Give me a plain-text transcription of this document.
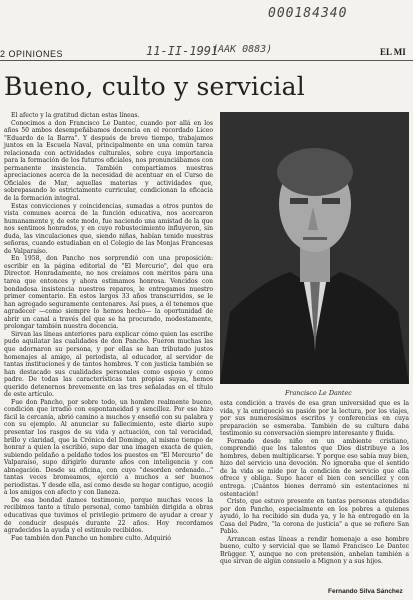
000184340
11-II-1991
(AAK 0883)
2 OPINIONES	EL MI
Bueno, culto y servicial

El afecto y la gratitud dictan estas líneas.

Conocimos a don Francisco Le Dantec, cuando por allá en los años 50 ambos desempeñábamos docencia en el recordado Liceo "Eduardo de la Barra". Y después de breve tiempo, trabajamos juntos en la Escuela Naval, principalmente en una común tarea relacionada con actividades culturales, sobre cuya importancia para la formación de los futuros oficiales, nos pronunciábamos con permanente insistencia. También compartíamos nuestras apreciaciones acerca de la necesidad de acentuar en el Curso de Oficiales de Mar, aquellas materias y actividades que, sobrepasando lo estrictamente curricular, condicionan la eficacia de la formación integral.

Estas convicciones y coincidencias, sumadas a otros puntos de vista comunes acerca de la función educativa, nos acercaron humanamente y, de este modo, fue naciendo una amistad de la que nos sentimos honrados, y en cuyo robustecimiento influyeron, sin duda, las vinculaciones que, siendo niñas, habían tenido nuestras señoras, cuando estudiaban en el Colegio de las Monjas Francesas de Valparaíso.

En 1958, don Pancho nos sorprendió con una proposición: escribir en la página editorial de "El Mercurio", del que era Director. Honradamente, no nos creíamos con méritos para una tarea que entonces y ahora estimamos honrosa. Vencidos con bondadosa insistencia nuestros reparos, le entregamos nuestro primer comentario. En estos largos 33 años transcurridos, se le han agregado seguramente centenares. Así pues, a él tenemos que agradecer —como siempre lo hemos hecho— la oportunidad de abrir un canal a través del que se ha procurado, modestamente, prolongar también nuestra docencia.

Sirvan las líneas anteriores para explicar cómo quien las escribe pudo aquilatar las cualidades de don Pancho. Fueron muchas las que adornaron su persona, y por ellas se han tributado justos homenajes al amigo, al periodista, al educador, al servidor de tantas instituciones y de tantos hombres. Y con justicia también se han destacado sus cualidades personales como esposo y como padre. De todas las características tan propias suyas, hemos querido detenernos brevemente en las tres señaladas en el título de este artículo.

Fue don Pancho, por sobre todo, un hombre realmente bueno, condición que irradió con espontaneidad y sencillez. Por eso hizo fácil la cercanía, abrió camino a muchos y enseñó con su palabra y con su ejemplo. Al anunciar su fallecimiento, este diario supo presentar los rasgos de su vida y actuación, con tal veracidad, brillo y claridad, que la Crónica del Domingo, al mismo tiempo de honrar a quien la escribió, supo dar una imagen exacta de quien, subiendo peldaño a peldaño todos los puestos en "El Mercurio" de Valparaíso, supo dirigirlo durante años con inteligencia y con abnegación. Desde su oficina, con cuyo "desorden ordenado..." tantas veces bromeamos, ejerció a muchos a ser buenos periodistas. Y desde ella, así como desde su hogar contiguo, acogió a los amigos con afecto y con llaneza.

De esa bondad damos testimonio, porque muchas veces la recibimos tanto a título personal, como también dirigida a obras educativas que tuvimos el privilegio primero de ayudar a crear y de conducir después durante 22 años. Hoy recordamos agradecidos la ayuda y el estímulo recibidos.

Fue también don Pancho un hombre culto. Adquirió

Francisco Le Dantec

esta condición a través de esa gran universidad que es la vida, y la enriqueció su pasión por la lectura, por los viajes, por sus numerosísimos escritos y conferencias en cuya preparación se esmeraba. También de su cultura daba testimonio su conversación siempre interesante y fluida.

Formado desde niño en un ambiente cristiano, comprendió que los talentos que Dios distribuye a los hombres, deben multiplicarse. Y porque eso sabía muy bien, hizo del servicio una devoción. No ignoraba que el sentido de la vida se mide por la condición de servicio que ella ofrece y obliga. Supo hacer el bien con sencillez y con entrega. ¡Cuántos bienes derramó sin estentaciones ni ostentación!

Cristo, que estuvo presente en tantas personas atendidas por don Pancho, especialmente en los pobres a quienes ayudó, lo ha recibido sin duda ya, y le ha entregado en la Casa del Padre, "la corona de justicia" a que se refiere San Pablo.

Arrancan estas líneas a rendir homenaje a ese hombre bueno, culto y servicial que se llamó Francisco Le Dantec Brügger. Y, aunque no con pretensión, anhelan también a que sirvan de algún consuelo a Mignon y a sus hijos.

Fernando Silva Sánchez
